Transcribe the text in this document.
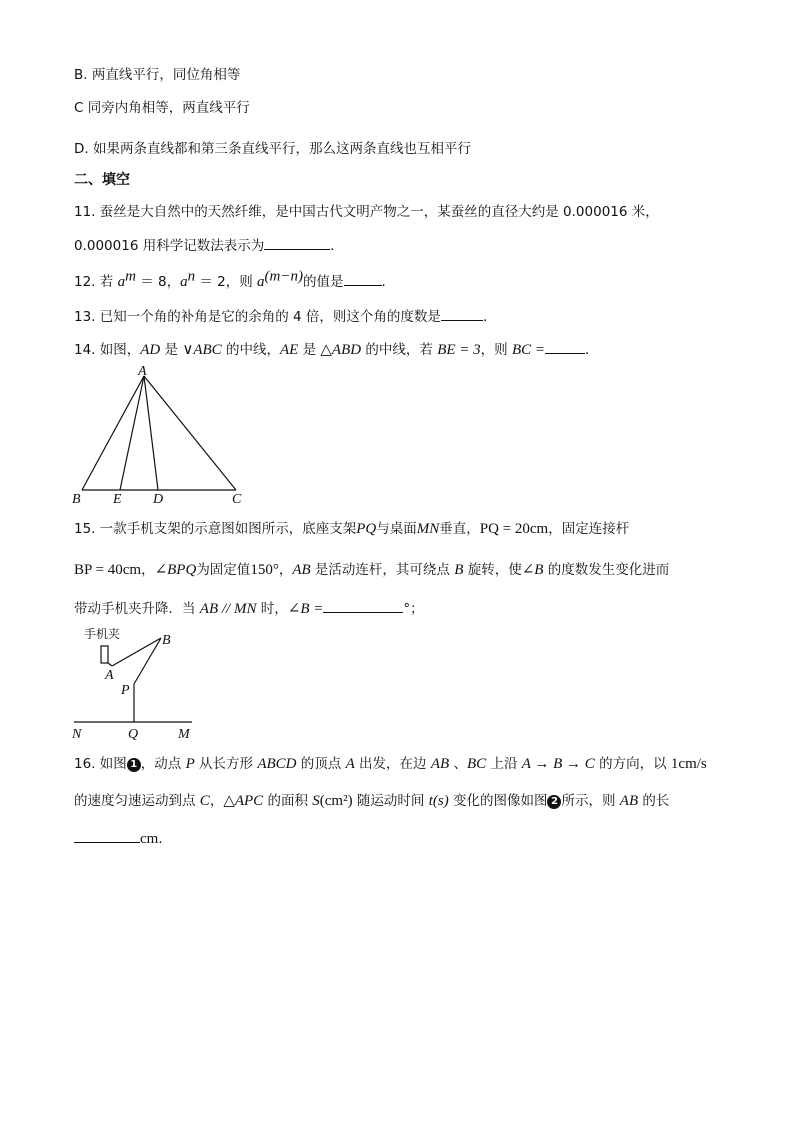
B. 两直线平行，同位角相等
C 同旁内角相等，两直线平行
D. 如果两条直线都和第三条直线平行，那么这两条直线也互相平行
二、填空
11. 蚕丝是大自然中的天然纤维，是中国古代文明产物之一，某蚕丝的直径大约是 0.000016 米，
0.000016 用科学记数法表示为	．
12. 若 $a^m = 8$，$a^n = 2$，则 $a^{(m-n)}$的值是	．
13. 已知一个角的补角是它的余角的 4 倍，则这个角的度数是	．
14. 如图，AD 是 ∨ABC 的中线，AE 是 △ABD 的中线，若 BE = 3，则 BC =	．
A
B E D	C
15. 一款手机支架的示意图如图所示，底座支架PQ与桌面MN垂直，PQ = 20cm，固定连接杆
BP = 40cm，∠BPQ为固定值150°，AB 是活动连杆，其可绕点 B 旋转，使∠B 的度数发生变化进而
带动手机夹升降．当 AB // MN 时，∠B =	°；
手机夹	B
A
P
N	Q	M
16. 如图 1 ，动点 P 从长方形 ABCD 的顶点 A 出发，在边 AB 、BC 上沿 A → B → C 的方向，以 1cm/s
的速度匀速运动到点 C，△APC 的面积 S(cm²) 随运动时间 t(s) 变化的图像如图 2 所示，则 AB 的长
cm．
